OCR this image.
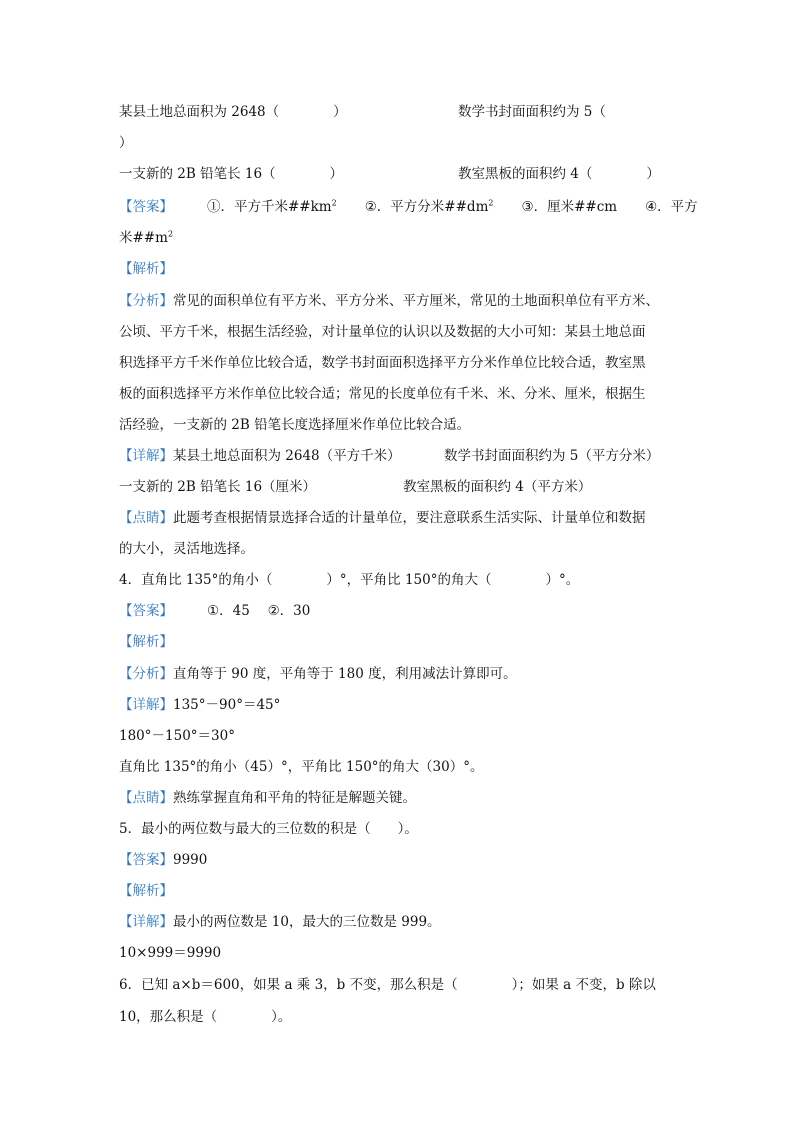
某县土地总面积为 2648（　　　　）	数学书封面面积约为 5（
）
一支新的 2B 铅笔长 16（　　　　）	教室黑板的面积约 4（　　　　）
【答案】	①．平方千米$\#\#km^2$ ②．平方分米$\#\#dm^2$ ③．厘米##cm ④．平方
米$\#\#m^2$
【解析】
【分析】常见的面积单位有平方米、平方分米、平方厘米，常见的土地面积单位有平方米、
公顷、平方千米，根据生活经验，对计量单位的认识以及数据的大小可知：某县土地总面
积选择平方千米作单位比较合适，数学书封面面积选择平方分米作单位比较合适，教室黑
板的面积选择平方米作单位比较合适；常见的长度单位有千米、米、分米、厘米，根据生
活经验，一支新的 2B 铅笔长度选择厘米作单位比较合适。
【详解】某县土地总面积为 2648（平方千米）	数学书封面面积约为 5（平方分米）
一支新的 2B 铅笔长 16（厘米）	教室黑板的面积约 4（平方米）
【点睛】此题考查根据情景选择合适的计量单位，要注意联系生活实际、计量单位和数据
的大小，灵活地选择。
4．直角比 135°的角小（　　　　）°，平角比 150°的角大（　　　　）°。
【答案】	①．45　 ②．30
【解析】
【分析】直角等于 90 度，平角等于 180 度，利用减法计算即可。
【详解】135°－90°＝45°
180°－150°＝30°
直角比 135°的角小（45）°，平角比 150°的角大（30）°。
【点睛】熟练掌握直角和平角的特征是解题关键。
5．最小的两位数与最大的三位数的积是（　　）。
【答案】9990
【解析】
【详解】最小的两位数是 10，最大的三位数是 999。
10×999＝9990
6．已知 a×b＝600，如果 a 乘 3，b 不变，那么积是（　　　　）；如果 a 不变，b 除以
10，那么积是（　　　　）。
